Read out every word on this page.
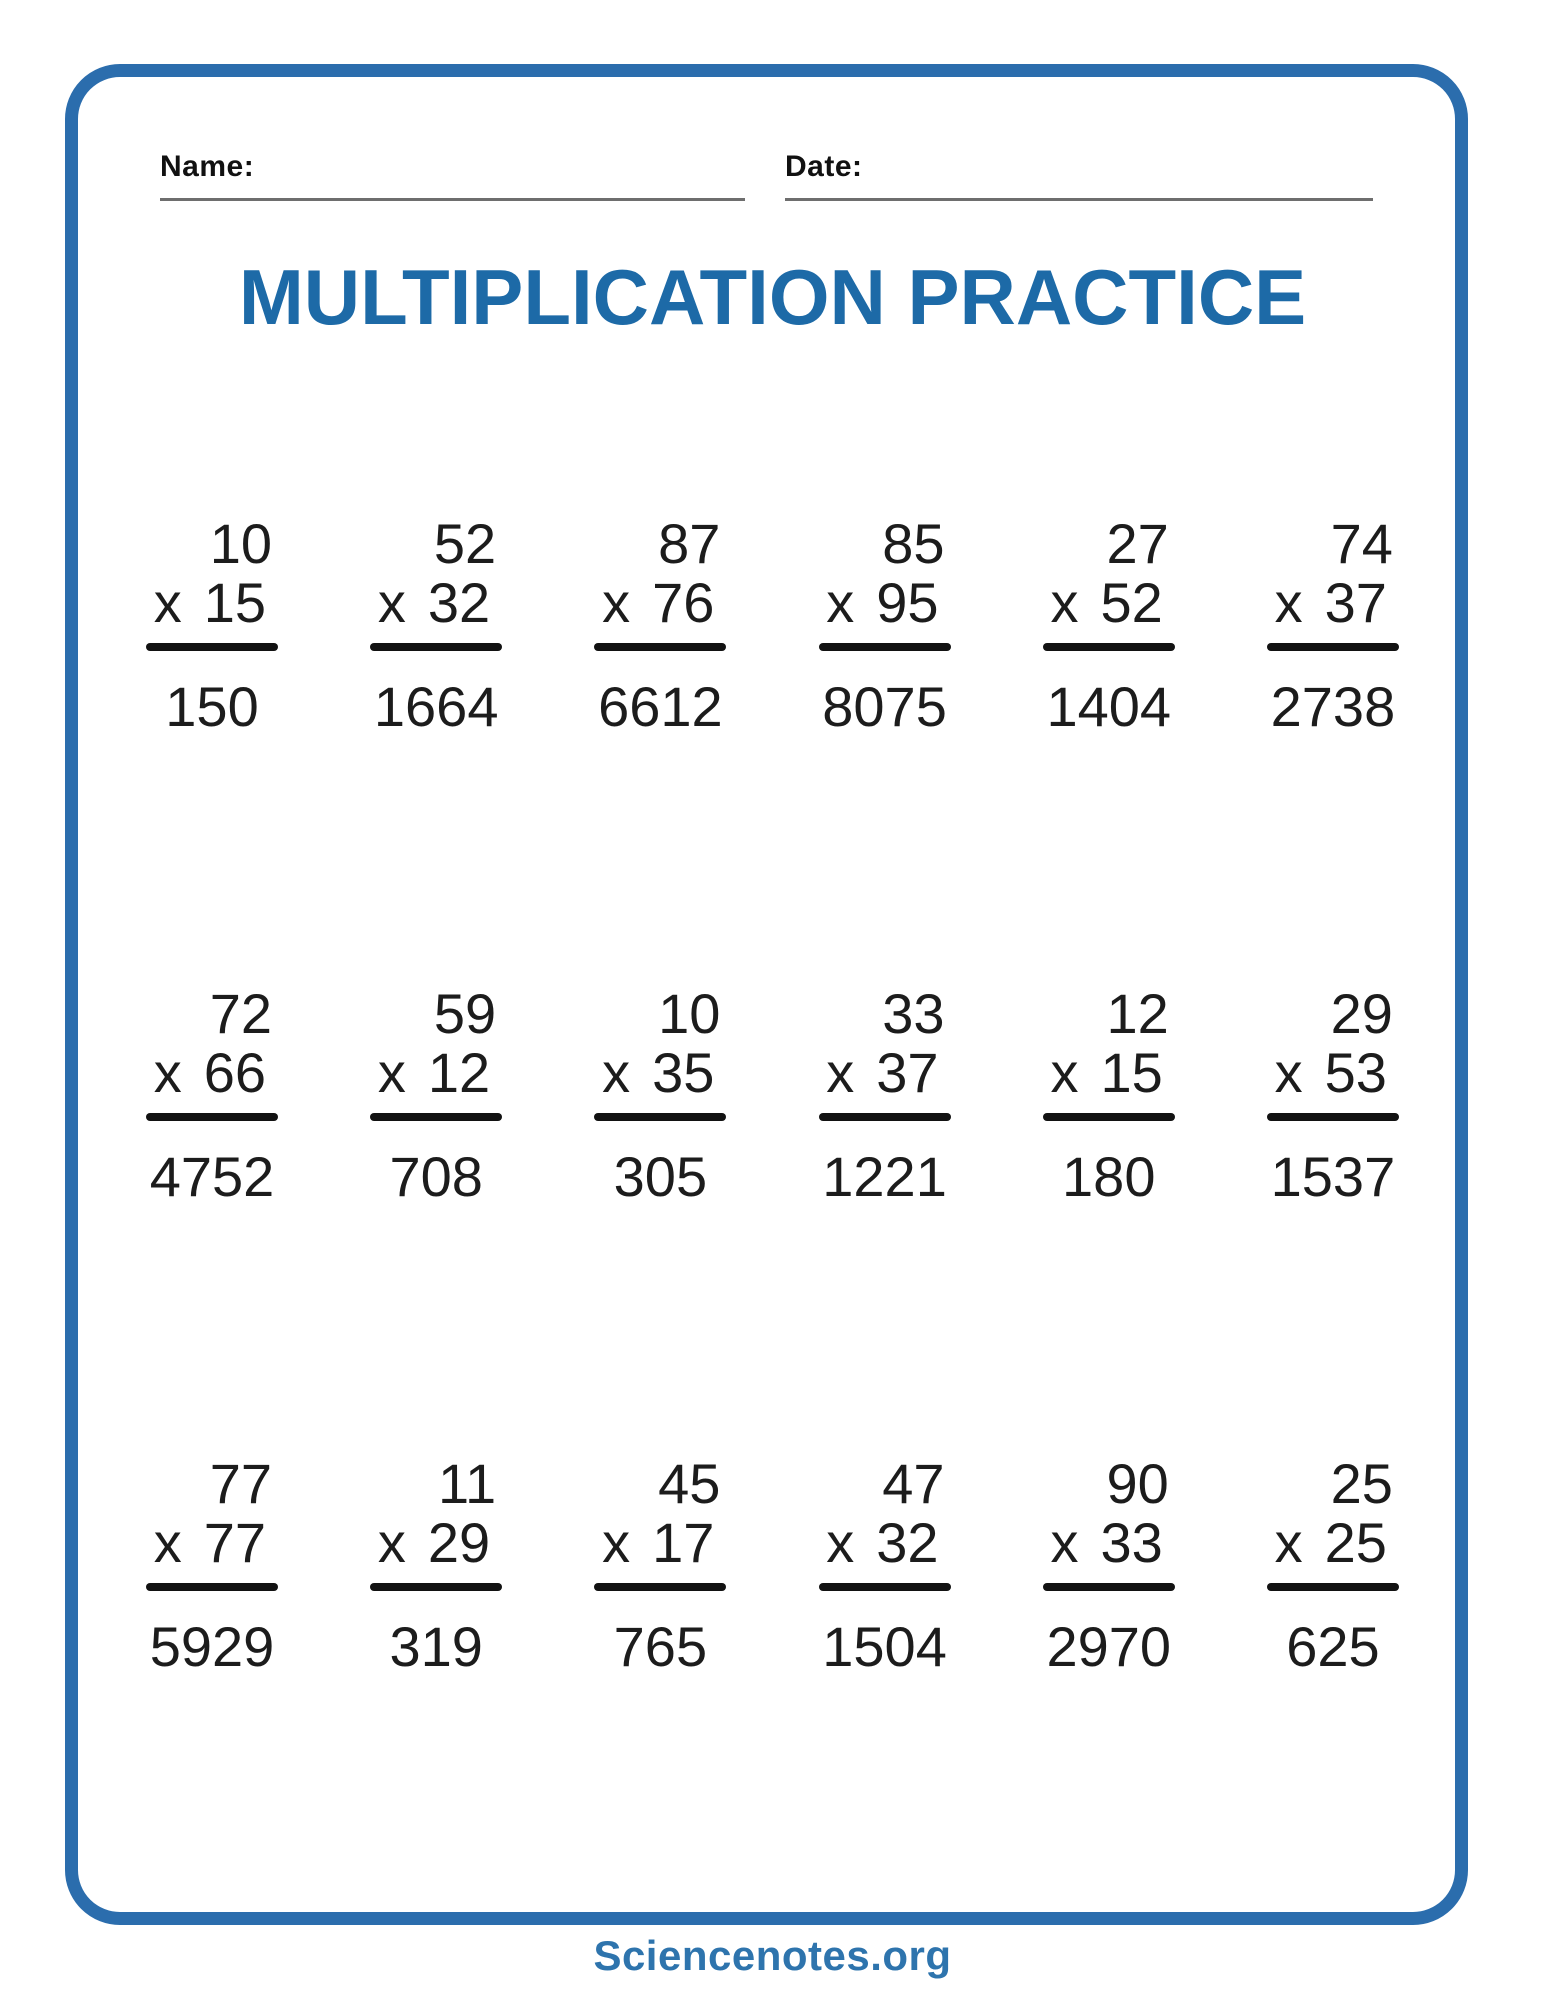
Name:	Date:
MULTIPLICATION PRACTICE
10
x 15
150
52
x 32
1664
87
x 76
6612
85
x 95
8075
27
x 52
1404
74
x 37
2738
72
x 66
4752
59
x 12
708
10
x 35
305
33
x 37
1221
12
x 15
180
29
x 53
1537
77
x 77
5929
11
x 29
319
45
x 17
765
47
x 32
1504
90
x 33
2970
25
x 25
625
Sciencenotes.org
